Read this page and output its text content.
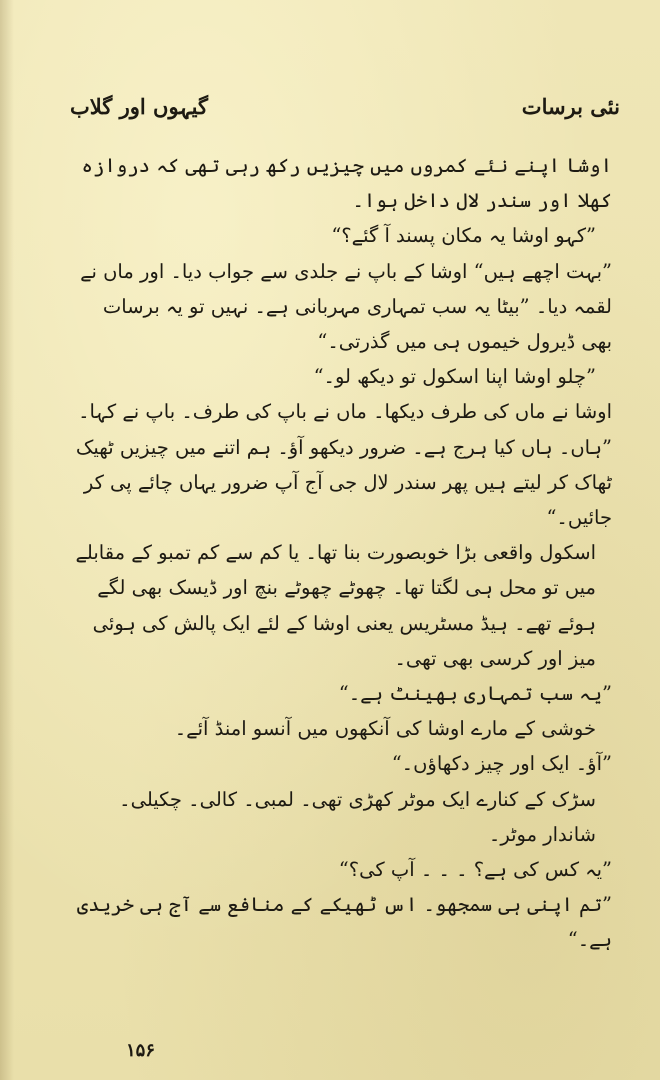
نئی برسات
گیہوں اور گلاب

اوشا اپنے نئے کمروں میں چیزیں رکھ رہی تھی کہ دروازہ کھلا اور سندر لال داخل ہوا۔

”کہو اوشا یہ مکان پسند آ گئے؟“

”بہت اچھے ہیں“ اوشا کے باپ نے جلدی سے جواب دیا۔ اور ماں نے لقمہ دیا۔ ”بیٹا یہ سب تمہاری مہربانی ہے۔ نہیں تو یہ برسات بھی ڈیرول خیموں ہی میں گذرتی۔“

”چلو اوشا اپنا اسکول تو دیکھ لو۔“

اوشا نے ماں کی طرف دیکھا۔ ماں نے باپ کی طرف۔ باپ نے کہا۔ ”ہاں۔ ہاں کیا ہرج ہے۔ ضرور دیکھو آؤ۔ ہم اتنے میں چیزیں ٹھیک ٹھاک کر لیتے ہیں پھر سندر لال جی آج آپ ضرور یہاں چائے پی کر جائیں۔“

اسکول واقعی بڑا خوبصورت بنا تھا۔ یا کم سے کم تمبو کے مقابلے میں تو محل ہی لگتا تھا۔ چھوٹے چھوٹے بنچ اور ڈیسک بھی لگے ہوئے تھے۔ ہیڈ مسٹریس یعنی اوشا کے لئے ایک پالش کی ہوئی میز اور کرسی بھی تھی۔

”یہ سب تمہاری بھینٹ ہے۔“

خوشی کے مارے اوشا کی آنکھوں میں آنسو امنڈ آئے۔

”آؤ۔ ایک اور چیز دکھاؤں۔“

سڑک کے کنارے ایک موٹر کھڑی تھی۔ لمبی۔ کالی۔ چکیلی۔ شاندار موٹر۔

”یہ کس کی ہے؟ ۔ ۔ ۔ آپ کی؟“

”تم اپنی ہی سمجھو۔ اس ٹھیکے کے منافع سے آج ہی خریدی ہے۔“

۱۵۶
